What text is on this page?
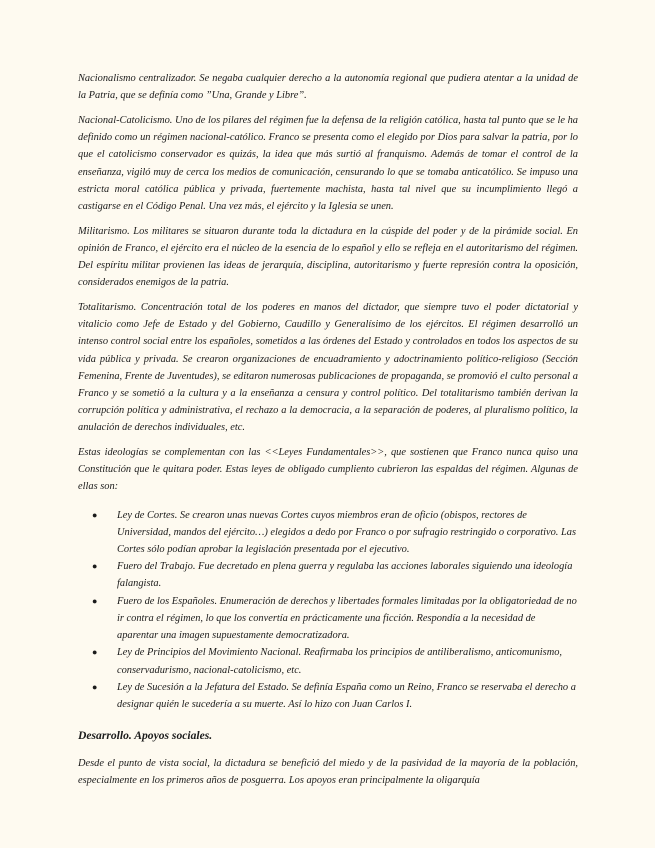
Nacionalismo centralizador. Se negaba cualquier derecho a la autonomía regional que pudiera atentar a la unidad de la Patria, que se definía como ”Una, Grande y Libre”.

Nacional-Catolicismo. Uno de los pilares del régimen fue la defensa de la religión católica, hasta tal punto que se le ha definido como un régimen nacional-católico. Franco se presenta como el elegido por Dios para salvar la patria, por lo que el catolicismo conservador es quizás, la idea que más surtió al franquismo. Además de tomar el control de la enseñanza, vigiló muy de cerca los medios de comunicación, censurando lo que se tomaba anticatólico. Se impuso una estricta moral católica pública y privada, fuertemente machista, hasta tal nivel que su incumplimiento llegó a castigarse en el Código Penal. Una vez más, el ejército y la Iglesia se unen.

Militarismo. Los militares se situaron durante toda la dictadura en la cúspide del poder y de la pirámide social. En opinión de Franco, el ejército era el núcleo de la esencia de lo español y ello se refleja en el autoritarismo del régimen. Del espíritu militar provienen las ideas de jerarquía, disciplina, autoritarismo y fuerte represión contra la oposición, considerados enemigos de la patria.

Totalitarismo. Concentración total de los poderes en manos del dictador, que siempre tuvo el poder dictatorial y vitalicio como Jefe de Estado y del Gobierno, Caudillo y Generalísimo de los ejércitos. El régimen desarrolló un intenso control social entre los españoles, sometidos a las órdenes del Estado y controlados en todos los aspectos de su vida pública y privada. Se crearon organizaciones de encuadramiento y adoctrinamiento político-religioso (Sección Femenina, Frente de Juventudes), se editaron numerosas publicaciones de propaganda, se promovió el culto personal a Franco y se sometió a la cultura y a la enseñanza a censura y control político. Del totalitarismo también derivan la corrupción política y administrativa, el rechazo a la democracia, a la separación de poderes, al pluralismo político, la anulación de derechos individuales, etc.

Estas ideologías se complementan con las <<Leyes Fundamentales>>, que sostienen que Franco nunca quiso una Constitución que le quitara poder. Estas leyes de obligado cumpliento cubrieron las espaldas del régimen. Algunas de ellas son:

● Ley de Cortes. Se crearon unas nuevas Cortes cuyos miembros eran de oficio (obispos, rectores de Universidad, mandos del ejército…) elegidos a dedo por Franco o por sufragio restringido o corporativo. Las Cortes sólo podían aprobar la legislación presentada por el ejecutivo.
● Fuero del Trabajo. Fue decretado en plena guerra y regulaba las acciones laborales siguiendo una ideología falangista.
● Fuero de los Españoles. Enumeración de derechos y libertades formales limitadas por la obligatoriedad de no ir contra el régimen, lo que los convertía en prácticamente una ficción. Respondía a la necesidad de aparentar una imagen supuestamente democratizadora.
● Ley de Principios del Movimiento Nacional. Reafirmaba los principios de antiliberalismo, anticomunismo, conservadurismo, nacional-catolicismo, etc.
● Ley de Sucesión a la Jefatura del Estado. Se definía España como un Reino, Franco se reservaba el derecho a designar quién le sucedería a su muerte. Así lo hizo con Juan Carlos I.
Desarrollo. Apoyos sociales.

Desde el punto de vista social, la dictadura se benefició del miedo y de la pasividad de la mayoría de la población, especialmente en los primeros años de posguerra. Los apoyos eran principalmente la oligarquía
